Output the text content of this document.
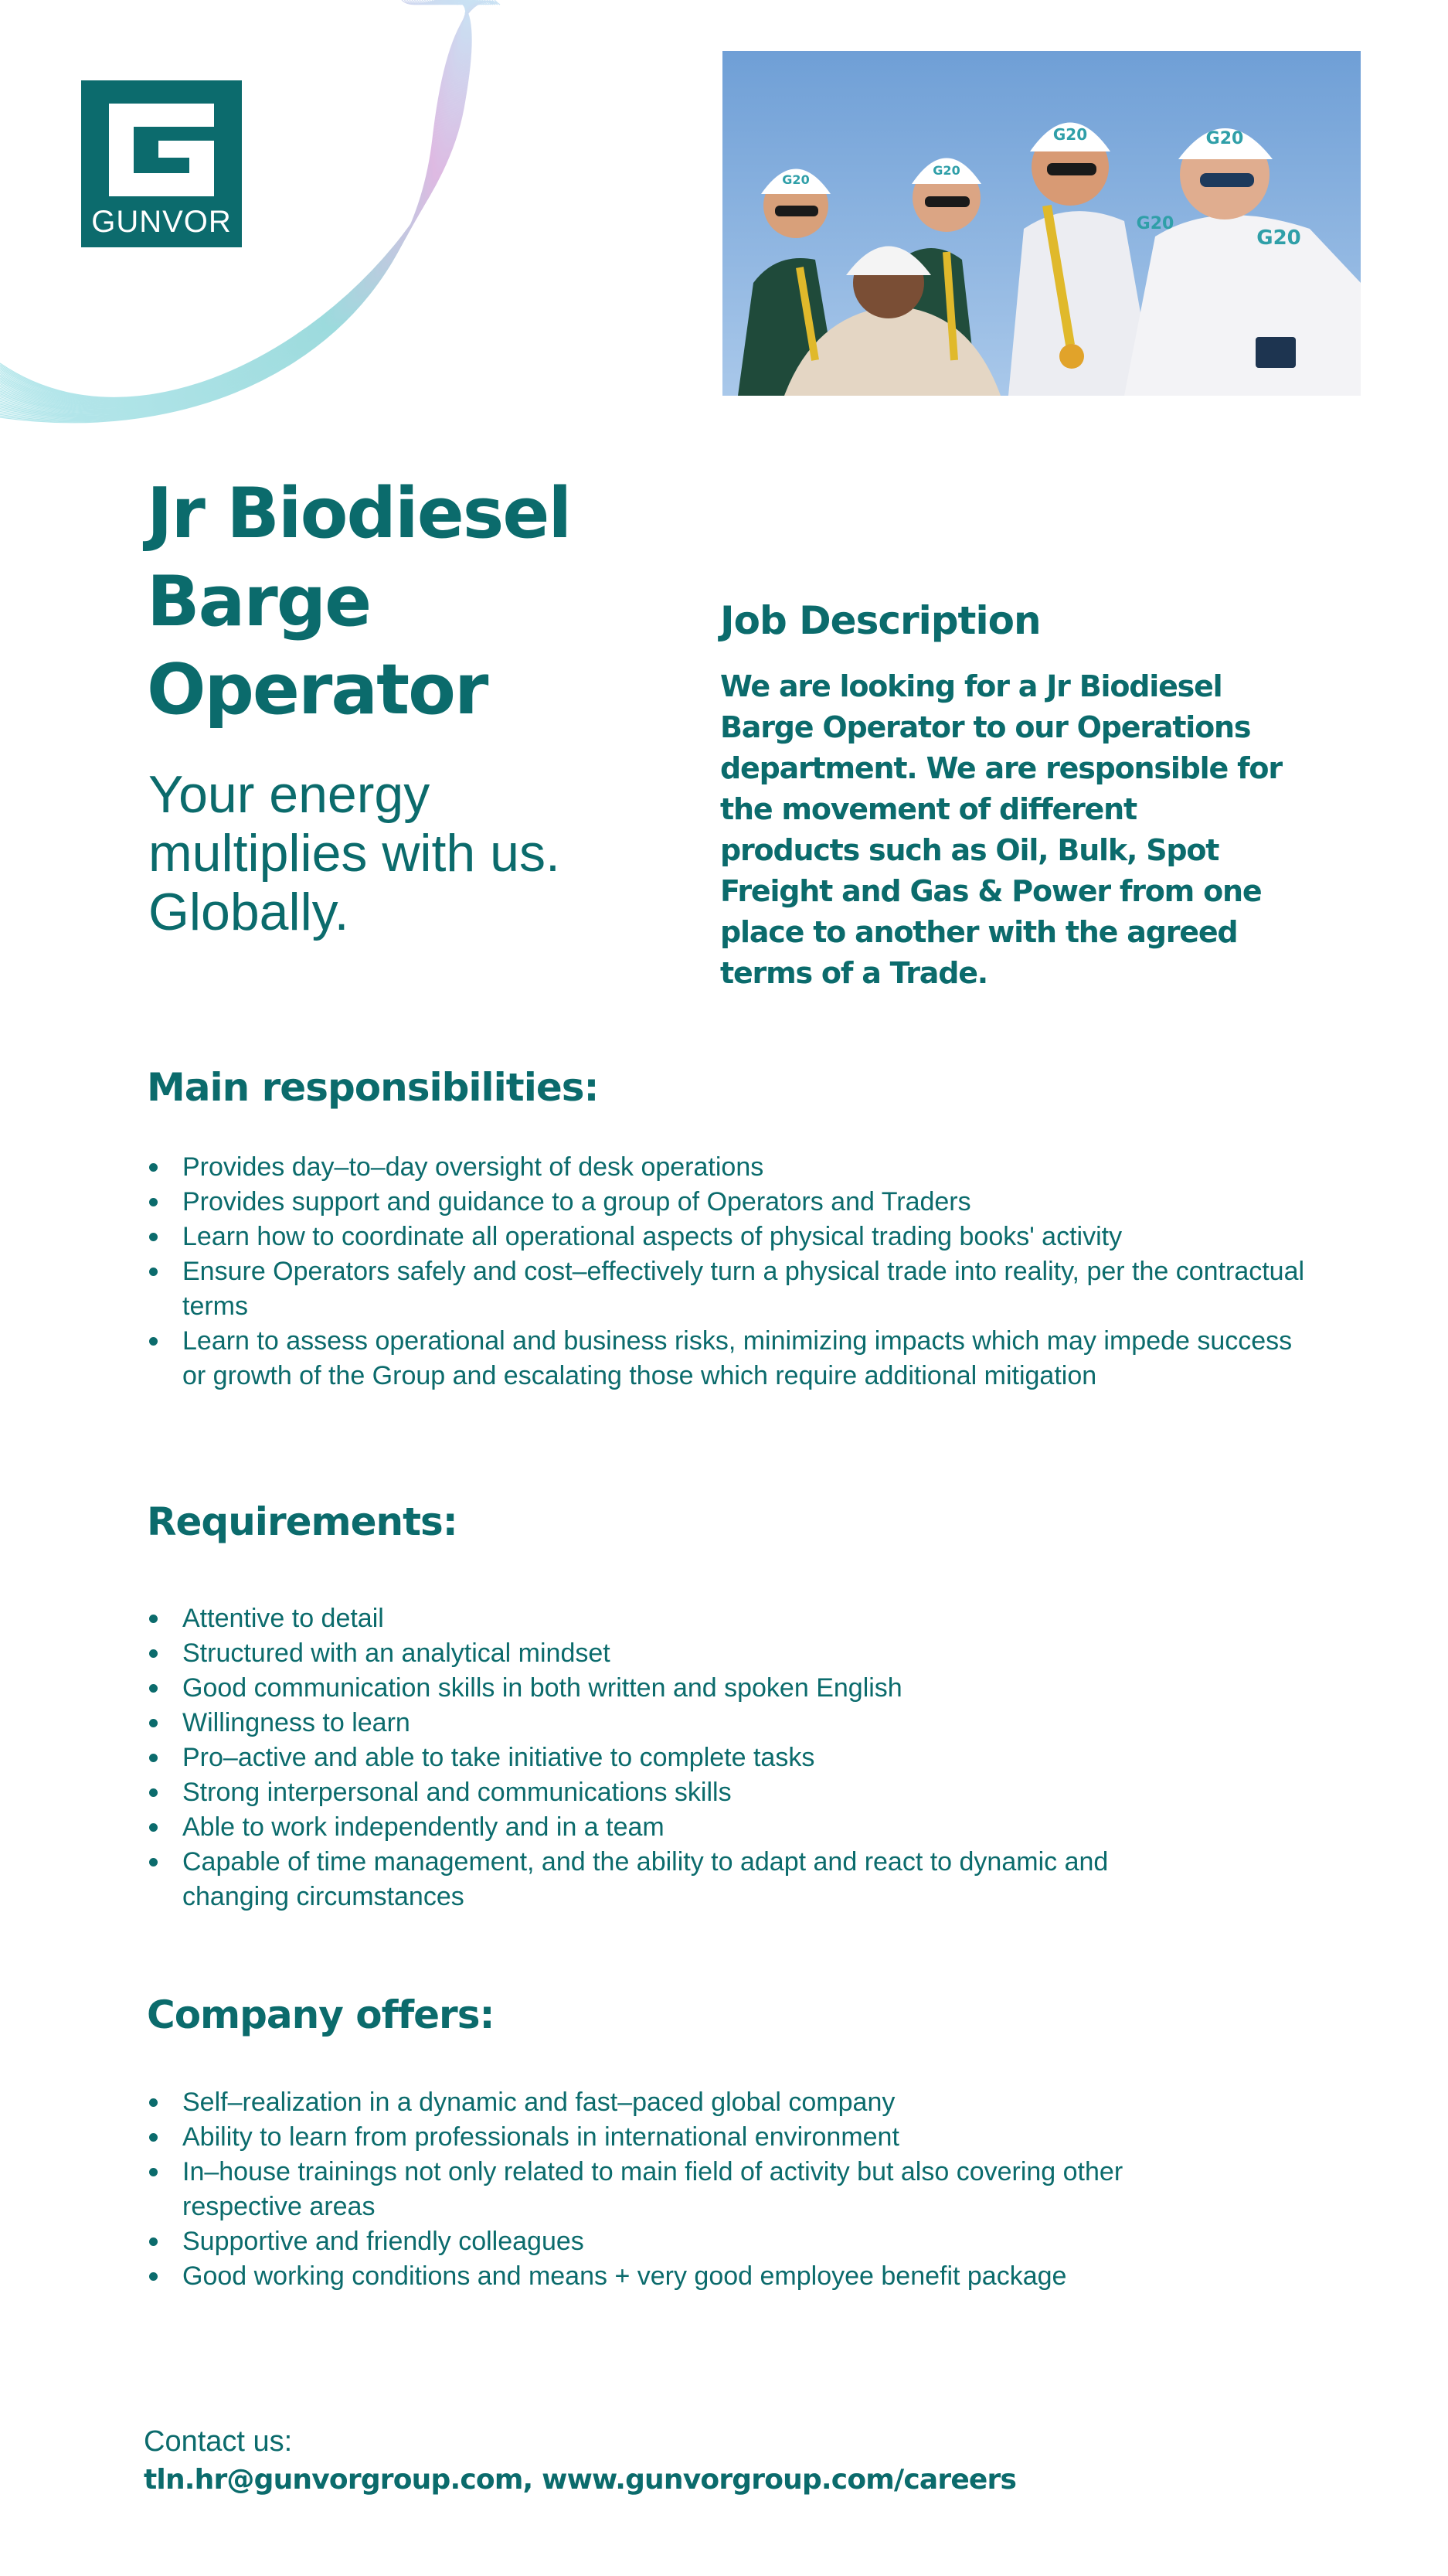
GUNVOR
G20
G20
G20	G20
G20
G20
Jr Biodiesel
Barge
Operator
Your energy
multiplies with us.
Globally.
Job Description

We are looking for a Jr Biodiesel Barge Operator to our Operations department. We are responsible for the movement of different products such as Oil, Bulk, Spot Freight and Gas & Power from one place to another with the agreed terms of a Trade.

Main responsibilities:
Provides day–to–day oversight of desk operations
Provides support and guidance to a group of Operators and Traders
Learn how to coordinate all operational aspects of physical trading books' activity
Ensure Operators safely and cost–effectively turn a physical trade into reality, per the contractual terms
Learn to assess operational and business risks, minimizing impacts which may impede success or growth of the Group and escalating those which require additional mitigation
Requirements:
Attentive to detail
Structured with an analytical mindset
Good communication skills in both written and spoken English
Willingness to learn
Pro–active and able to take initiative to complete tasks
Strong interpersonal and communications skills
Able to work independently and in a team
Capable of time management, and the ability to adapt and react to dynamic and changing circumstances
Company offers:
Self–realization in a dynamic and fast–paced global company
Ability to learn from professionals in international environment
In–house trainings not only related to main field of activity but also covering other respective areas
Supportive and friendly colleagues
Good working conditions and means + very good employee benefit package

Contact us:

tln.hr@gunvorgroup.com, www.gunvorgroup.com/careers
